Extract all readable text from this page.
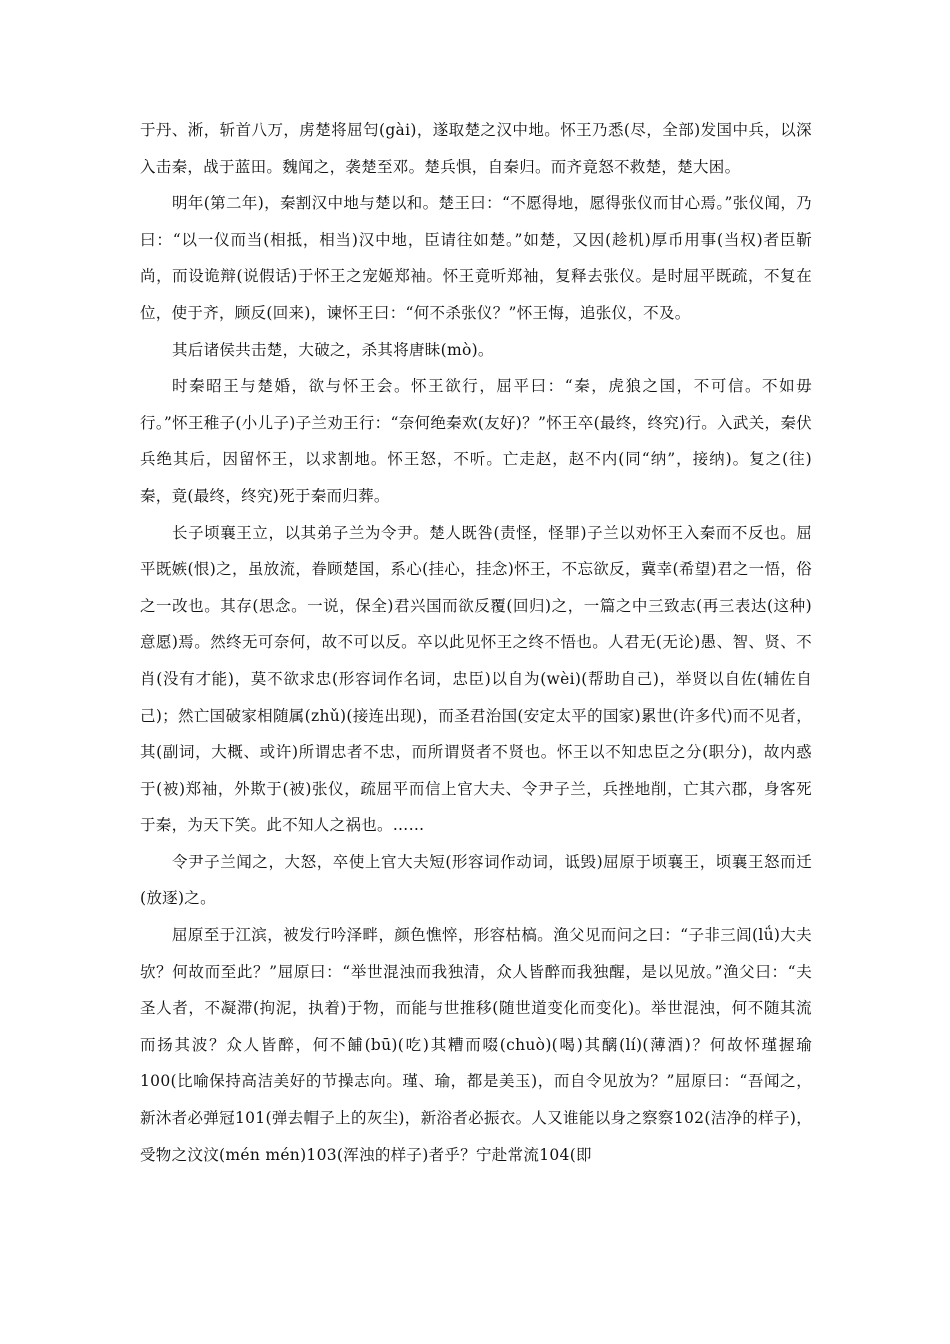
于丹、淅，斩首八万，虏楚将屈匄(gài)，遂取楚之汉中地。怀王乃悉(尽，全部)发国中兵，以深入击秦，战于蓝田。魏闻之，袭楚至邓。楚兵惧，自秦归。而齐竟怒不救楚，楚大困。

明年(第二年)，秦割汉中地与楚以和。楚王曰：“不愿得地，愿得张仪而甘心焉。”张仪闻，乃曰：“以一仪而当(相抵，相当)汉中地，臣请往如楚。”如楚，又因(趁机)厚币用事(当权)者臣靳尚，而设诡辩(说假话)于怀王之宠姬郑袖。怀王竟听郑袖，复释去张仪。是时屈平既疏，不复在位，使于齐，顾反(回来)，谏怀王曰：“何不杀张仪？”怀王悔，追张仪，不及。

其后诸侯共击楚，大破之，杀其将唐眛(mò)。

时秦昭王与楚婚，欲与怀王会。怀王欲行，屈平曰：“秦，虎狼之国，不可信。不如毋行。”怀王稚子(小儿子)子兰劝王行：“奈何绝秦欢(友好)？”怀王卒(最终，终究)行。入武关，秦伏兵绝其后，因留怀王，以求割地。怀王怒，不听。亡走赵，赵不内(同“纳”，接纳)。复之(往)秦，竟(最终，终究)死于秦而归葬。

长子顷襄王立，以其弟子兰为令尹。楚人既咎(责怪，怪罪)子兰以劝怀王入秦而不反也。屈平既嫉(恨)之，虽放流，眷顾楚国，系心(挂心，挂念)怀王，不忘欲反，冀幸(希望)君之一悟，俗之一改也。其存(思念。一说，保全)君兴国而欲反覆(回归)之，一篇之中三致志(再三表达(这种)意愿)焉。然终无可奈何，故不可以反。卒以此见怀王之终不悟也。人君无(无论)愚、智、贤、不肖(没有才能)，莫不欲求忠(形容词作名词，忠臣)以自为(wèi)(帮助自己)，举贤以自佐(辅佐自己)；然亡国破家相随属(zhǔ)(接连出现)，而圣君治国(安定太平的国家)累世(许多代)而不见者，其(副词，大概、或许)所谓忠者不忠，而所谓贤者不贤也。怀王以不知忠臣之分(职分)，故内惑于(被)郑袖，外欺于(被)张仪，疏屈平而信上官大夫、令尹子兰，兵挫地削，亡其六郡，身客死于秦，为天下笑。此不知人之祸也。……

令尹子兰闻之，大怒，卒使上官大夫短(形容词作动词，诋毁)屈原于顷襄王，顷襄王怒而迁(放逐)之。

屈原至于江滨，被发行吟泽畔，颜色憔悴，形容枯槁。渔父见而问之曰：“子非三闾(lǘ)大夫欤？何故而至此？”屈原曰：“举世混浊而我独清，众人皆醉而我独醒，是以见放。”渔父曰：“夫圣人者，不凝滞(拘泥，执着)于物，而能与世推移(随世道变化而变化)。举世混浊，何不随其流而扬其波？众人皆醉，何不餔(bū)(吃)其糟而啜(chuò)(喝)其醨(lí)(薄酒)？何故怀瑾握瑜100(比喻保持高洁美好的节操志向。瑾、瑜，都是美玉)，而自令见放为？”屈原曰：“吾闻之，新沐者必弹冠101(弹去帽子上的灰尘)，新浴者必振衣。人又谁能以身之察察102(洁净的样子)，受物之汶汶(mén mén)103(浑浊的样子)者乎？宁赴常流104(即
